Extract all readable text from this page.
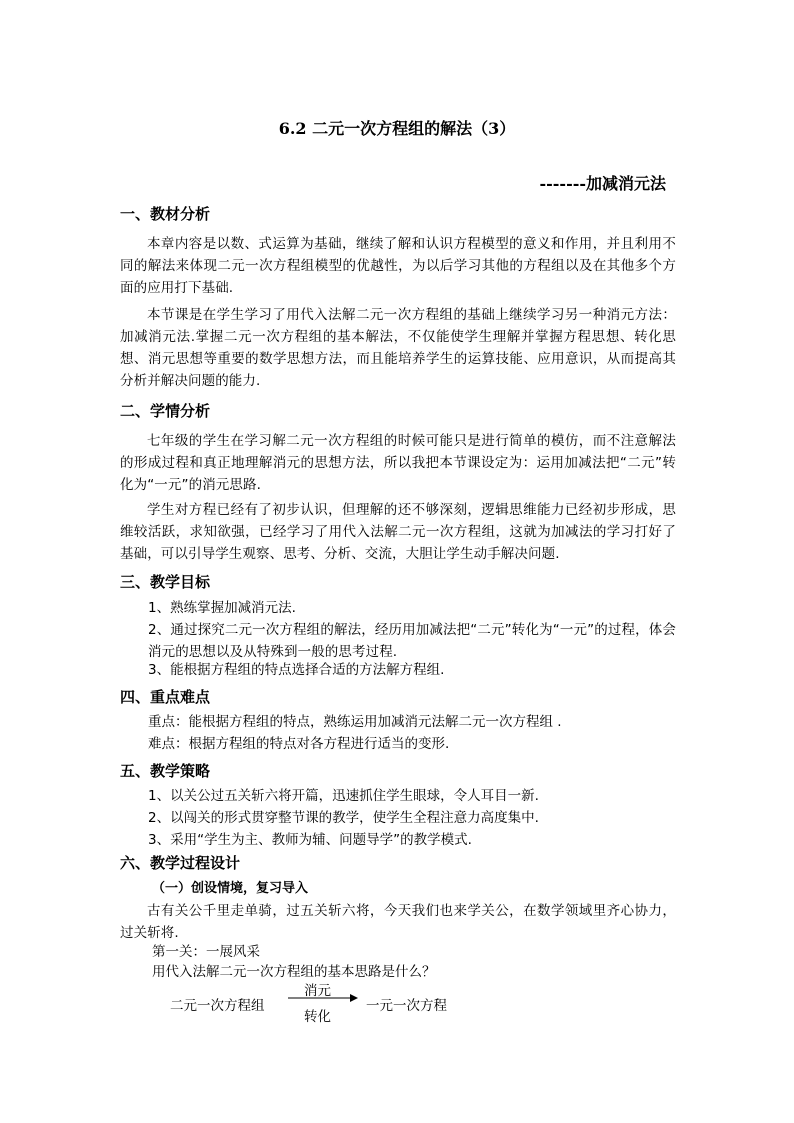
6.2 二元一次方程组的解法（3）
-------加减消元法
一、教材分析
本章内容是以数、式运算为基础，继续了解和认识方程模型的意义和作用，并且利用不同的解法来体现二元一次方程组模型的优越性，为以后学习其他的方程组以及在其他多个方面的应用打下基础.
本节课是在学生学习了用代入法解二元一次方程组的基础上继续学习另一种消元方法：加减消元法.掌握二元一次方程组的基本解法，不仅能使学生理解并掌握方程思想、转化思想、消元思想等重要的数学思想方法，而且能培养学生的运算技能、应用意识，从而提高其分析并解决问题的能力.
二、学情分析
七年级的学生在学习解二元一次方程组的时候可能只是进行简单的模仿，而不注意解法的形成过程和真正地理解消元的思想方法，所以我把本节课设定为：运用加减法把“二元”转化为“一元”的消元思路.
学生对方程已经有了初步认识，但理解的还不够深刻，逻辑思维能力已经初步形成，思维较活跃，求知欲强，已经学习了用代入法解二元一次方程组，这就为加减法的学习打好了基础，可以引导学生观察、思考、分析、交流，大胆让学生动手解决问题.
三、教学目标
1、熟练掌握加减消元法.
2、通过探究二元一次方程组的解法，经历用加减法把“二元”转化为“一元”的过程，体会消元的思想以及从特殊到一般的思考过程.
3、能根据方程组的特点选择合适的方法解方程组.
四、重点难点
重点：能根据方程组的特点，熟练运用加减消元法解二元一次方程组 .
难点：根据方程组的特点对各方程进行适当的变形.
五、教学策略
1、以关公过五关斩六将开篇，迅速抓住学生眼球，令人耳目一新.
2、以闯关的形式贯穿整节课的教学，使学生全程注意力高度集中.
3、采用“学生为主、教师为辅、问题导学”的教学模式.
六、教学过程设计
（一）创设情境，复习导入
古有关公千里走单骑，过五关斩六将，今天我们也来学关公，在数学领域里齐心协力，过关斩将.
第一关：一展风采
用代入法解二元一次方程组的基本思路是什么？
二元一次方程组
消元
转化
一元一次方程
